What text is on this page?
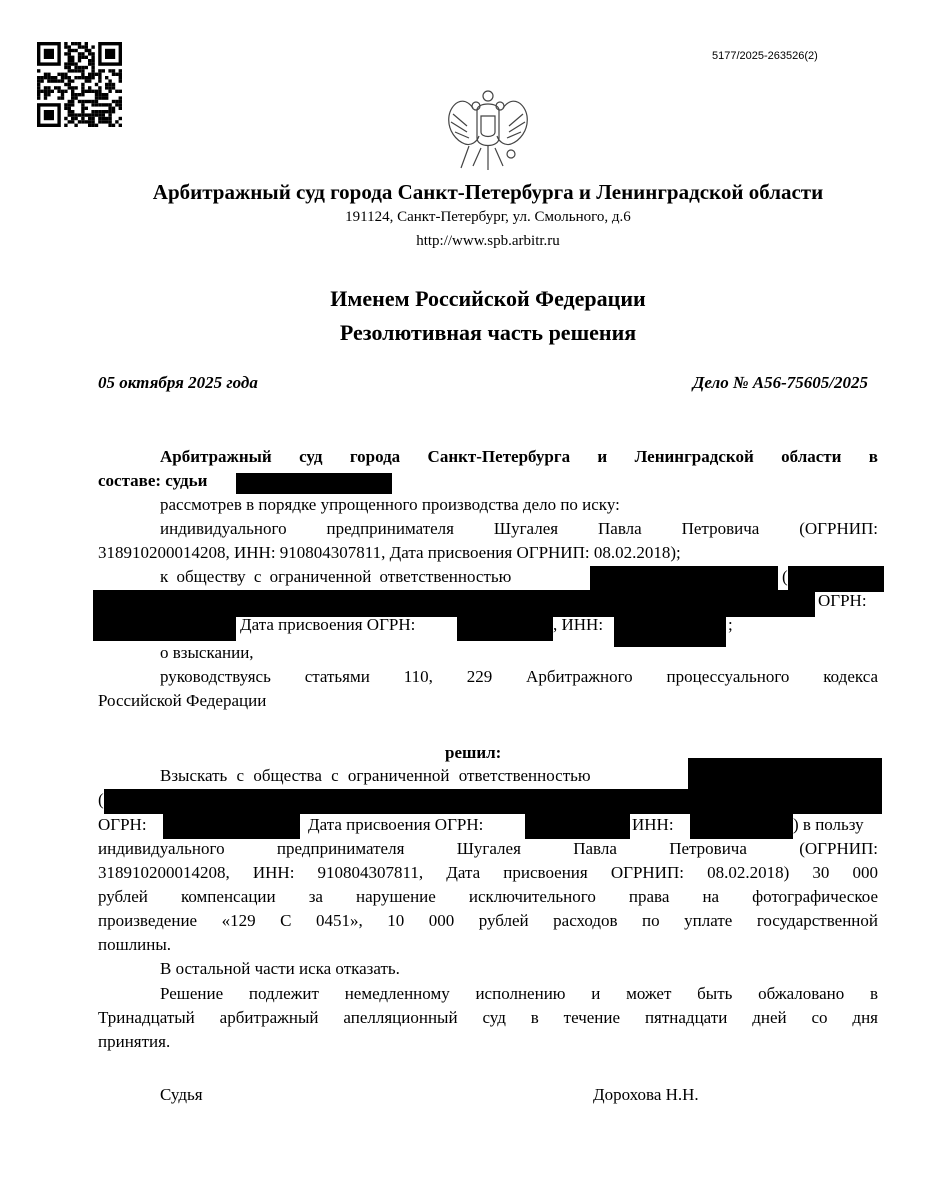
5177/2025-263526(2)
Арбитражный суд города Санкт-Петербурга и Ленинградской области
191124, Санкт-Петербург, ул. Смольного, д.6
http://www.spb.arbitr.ru
Именем Российской Федерации
Резолютивная часть решения
05 октября 2025 года	Дело № А56-75605/2025
Арбитражный суд города Санкт-Петербурга и Ленинградской области в
составе: судьи
рассмотрев в порядке упрощенного производства дело по иску:
индивидуального предпринимателя Шугалея Павла Петровича (ОГРНИП:
318910200014208, ИНН: 910804307811, Дата присвоения ОГРНИП: 08.02.2018);
к обществу с ограниченной ответственностью	(
ОГРН:
Дата присвоения ОГРН:	, ИНН:	;
о взыскании,
руководствуясь статьями 110, 229 Арбитражного процессуального кодекса
Российской Федерации
решил:
Взыскать с общества с ограниченной ответственностью
(
ОГРН:	Дата присвоения ОГРН:	ИНН:	) в пользу
индивидуального предпринимателя Шугалея Павла Петровича (ОГРНИП:
318910200014208, ИНН: 910804307811, Дата присвоения ОГРНИП: 08.02.2018) 30 000
рублей компенсации за нарушение исключительного права на фотографическое
произведение «129 С 0451», 10 000 рублей расходов по уплате государственной
пошлины.
В остальной части иска отказать.
Решение подлежит немедленному исполнению и может быть обжаловано в
Тринадцатый арбитражный апелляционный суд в течение пятнадцати дней со дня
принятия.
Судья	Дорохова Н.Н.
